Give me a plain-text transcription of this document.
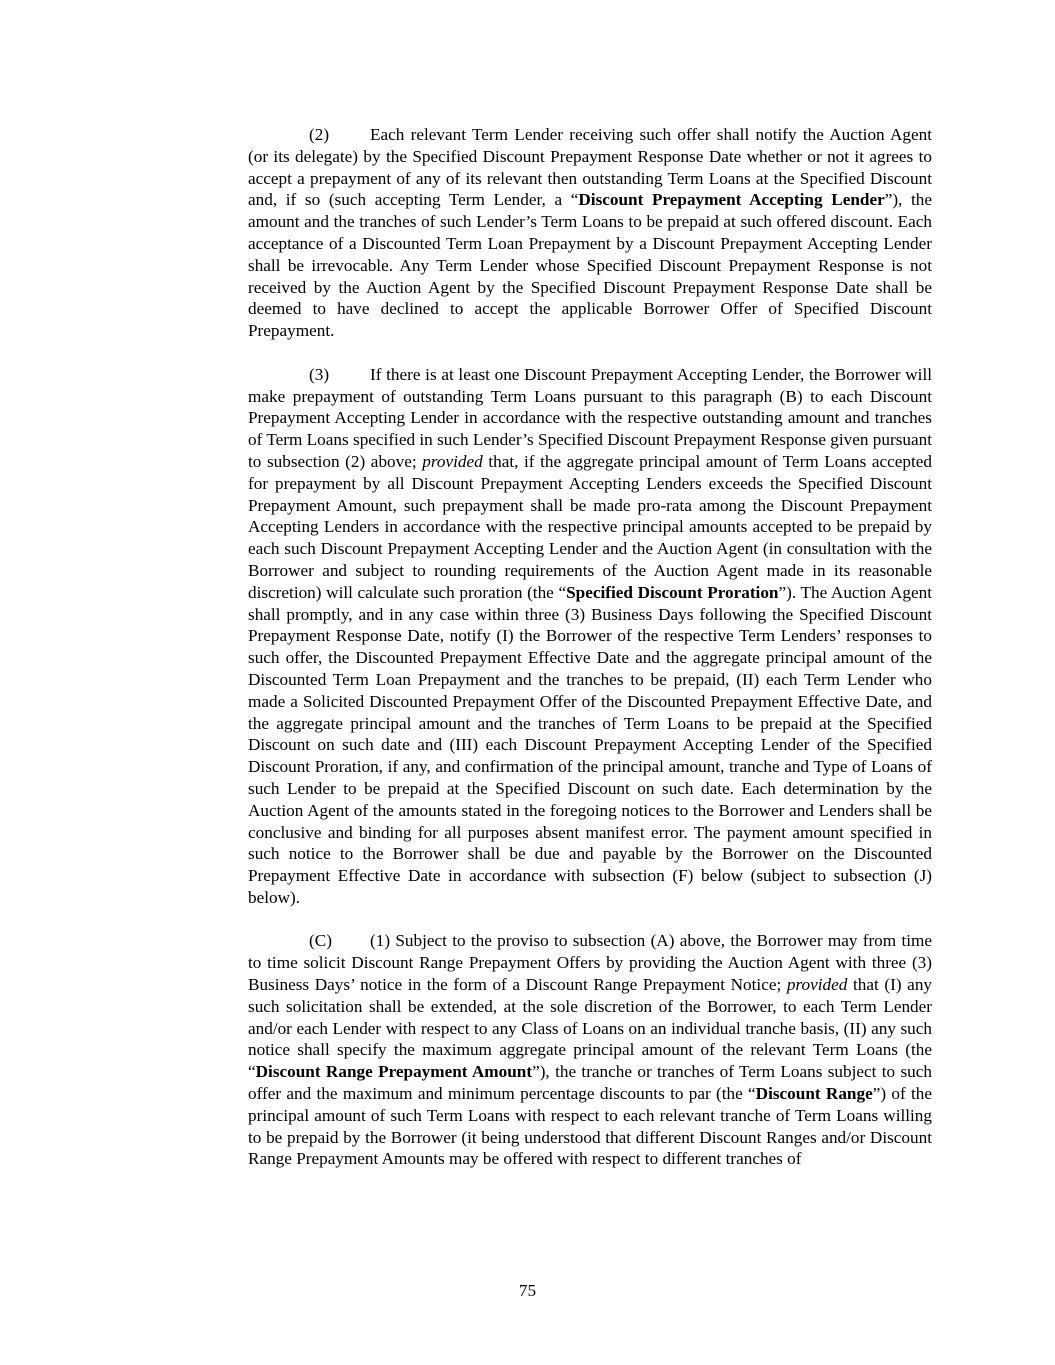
(2) Each relevant Term Lender receiving such offer shall notify the Auction Agent (or its delegate) by the Specified Discount Prepayment Response Date whether or not it agrees to accept a prepayment of any of its relevant then outstanding Term Loans at the Specified Discount and, if so (such accepting Term Lender, a “Discount Prepayment Accepting Lender”), the amount and the tranches of such Lender’s Term Loans to be prepaid at such offered discount. Each acceptance of a Discounted Term Loan Prepayment by a Discount Prepayment Accepting Lender shall be irrevocable. Any Term Lender whose Specified Discount Prepayment Response is not received by the Auction Agent by the Specified Discount Prepayment Response Date shall be deemed to have declined to accept the applicable Borrower Offer of Specified Discount Prepayment.

(3) If there is at least one Discount Prepayment Accepting Lender, the Borrower will make prepayment of outstanding Term Loans pursuant to this paragraph (B) to each Discount Prepayment Accepting Lender in accordance with the respective outstanding amount and tranches of Term Loans specified in such Lender’s Specified Discount Prepayment Response given pursuant to subsection (2) above; provided that, if the aggregate principal amount of Term Loans accepted for prepayment by all Discount Prepayment Accepting Lenders exceeds the Specified Discount Prepayment Amount, such prepayment shall be made pro-rata among the Discount Prepayment Accepting Lenders in accordance with the respective principal amounts accepted to be prepaid by each such Discount Prepayment Accepting Lender and the Auction Agent (in consultation with the Borrower and subject to rounding requirements of the Auction Agent made in its reasonable discretion) will calculate such proration (the “Specified Discount Proration”). The Auction Agent shall promptly, and in any case within three (3) Business Days following the Specified Discount Prepayment Response Date, notify (I) the Borrower of the respective Term Lenders’ responses to such offer, the Discounted Prepayment Effective Date and the aggregate principal amount of the Discounted Term Loan Prepayment and the tranches to be prepaid, (II) each Term Lender who made a Solicited Discounted Prepayment Offer of the Discounted Prepayment Effective Date, and the aggregate principal amount and the tranches of Term Loans to be prepaid at the Specified Discount on such date and (III) each Discount Prepayment Accepting Lender of the Specified Discount Proration, if any, and confirmation of the principal amount, tranche and Type of Loans of such Lender to be prepaid at the Specified Discount on such date. Each determination by the Auction Agent of the amounts stated in the foregoing notices to the Borrower and Lenders shall be conclusive and binding for all purposes absent manifest error. The payment amount specified in such notice to the Borrower shall be due and payable by the Borrower on the Discounted Prepayment Effective Date in accordance with subsection (F) below (subject to subsection (J) below).

(C) (1) Subject to the proviso to subsection (A) above, the Borrower may from time to time solicit Discount Range Prepayment Offers by providing the Auction Agent with three (3) Business Days’ notice in the form of a Discount Range Prepayment Notice; provided that (I) any such solicitation shall be extended, at the sole discretion of the Borrower, to each Term Lender and/or each Lender with respect to any Class of Loans on an individual tranche basis, (II) any such notice shall specify the maximum aggregate principal amount of the relevant Term Loans (the “Discount Range Prepayment Amount”), the tranche or tranches of Term Loans subject to such offer and the maximum and minimum percentage discounts to par (the “Discount Range”) of the principal amount of such Term Loans with respect to each relevant tranche of Term Loans willing to be prepaid by the Borrower (it being understood that different Discount Ranges and/or Discount Range Prepayment Amounts may be offered with respect to different tranches of

75
